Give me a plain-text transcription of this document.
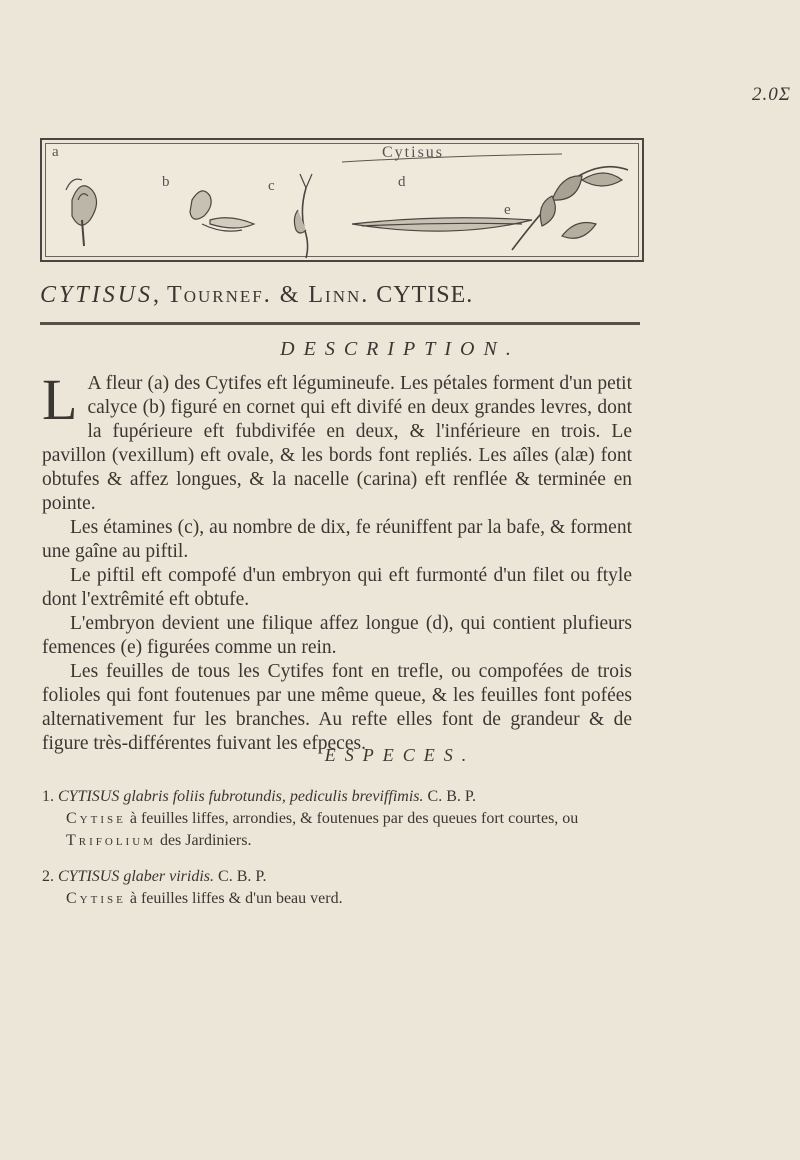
2.0Ʃ
Cytisus
a
b	c	d
e
CYTISUS, Tournef. & Linn. CYTISE.
DESCRIPTION.
L A fleur (a) des Cytifes eft légumineufe. Les pétales forment d'un petit calyce (b) figuré en cornet qui eft divifé en deux grandes levres, dont la fupérieure eft fubdivifée en deux, & l'inférieure en trois. Le pavillon (vexillum) eft ovale, & les bords font repliés. Les aîles (alæ) font obtufes & affez longues, & la nacelle (carina) eft renflée & terminée en pointe.

Les étamines (c), au nombre de dix, fe réuniffent par la bafe, & forment une gaîne au piftil.

Le piftil eft compofé d'un embryon qui eft furmonté d'un filet ou ftyle dont l'extrêmité eft obtufe.

L'embryon devient une filique affez longue (d), qui contient plufieurs femences (e) figurées comme un rein.

Les feuilles de tous les Cytifes font en trefle, ou compofées de trois folioles qui font foutenues par une même queue, & les feuilles font pofées alternativement fur les branches. Au refte elles font de grandeur & de figure très-différentes fuivant les efpeces.

ESPECES.
1. CYTISUS glabris foliis fubrotundis, pediculis breviffimis. C. B. P.
Cytise à feuilles liffes, arrondies, & foutenues par des queues fort courtes, ou Trifolium des Jardiniers.
2. CYTISUS glaber viridis. C. B. P.
Cytise à feuilles liffes & d'un beau verd.
